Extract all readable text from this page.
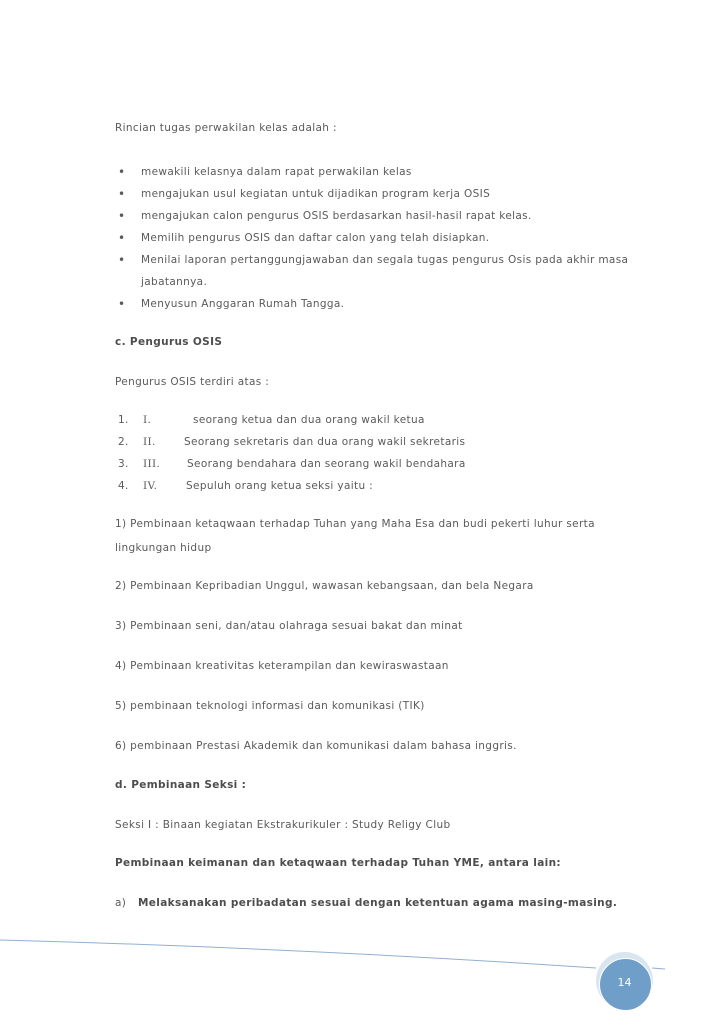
Rincian tugas perwakilan kelas adalah :
• mewakili kelasnya dalam rapat perwakilan kelas
• mengajukan usul kegiatan untuk dijadikan program kerja OSIS
• mengajukan calon pengurus OSIS berdasarkan hasil-hasil rapat kelas.
• Memilih pengurus OSIS dan daftar calon yang telah disiapkan.
• Menilai laporan pertanggungjawaban dan segala tugas pengurus Osis pada akhir masa
jabatannya.
• Menyusun Anggaran Rumah Tangga.
c. Pengurus OSIS
Pengurus OSIS terdiri atas :
1. I.	seorang ketua dan dua orang wakil ketua
2. II.	Seorang sekretaris dan dua orang wakil sekretaris
3. III.	Seorang bendahara dan seorang wakil bendahara
4. IV.	Sepuluh orang ketua seksi yaitu :
1) Pembinaan ketaqwaan terhadap Tuhan yang Maha Esa dan budi pekerti luhur serta
lingkungan hidup
2) Pembinaan Kepribadian Unggul, wawasan kebangsaan, dan bela Negara
3) Pembinaan seni, dan/atau olahraga sesuai bakat dan minat
4) Pembinaan kreativitas keterampilan dan kewiraswastaan
5) pembinaan teknologi informasi dan komunikasi (TIK)
6) pembinaan Prestasi Akademik dan komunikasi dalam bahasa inggris.
d. Pembinaan Seksi :
Seksi I : Binaan kegiatan Ekstrakurikuler : Study Religy Club
Pembinaan keimanan dan ketaqwaan terhadap Tuhan YME, antara lain:
a) Melaksanakan peribadatan sesuai dengan ketentuan agama masing-masing.
14
